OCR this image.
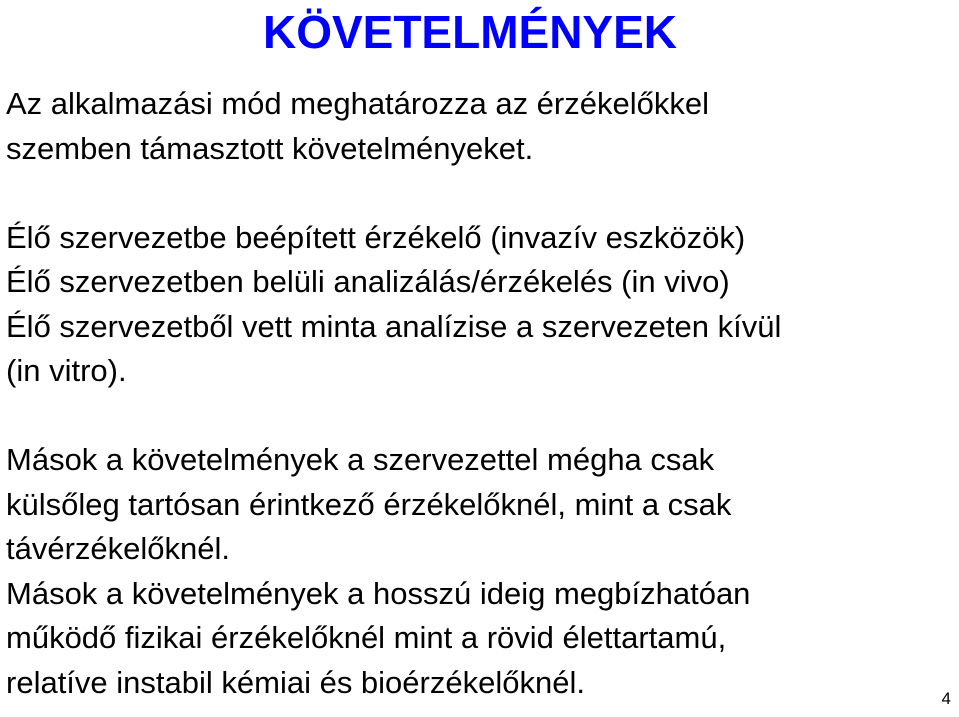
KÖVETELMÉNYEK

Az alkalmazási mód meghatározza az érzékelőkkel
szemben támasztott követelményeket.

Élő szervezetbe beépített érzékelő (invazív eszközök)
Élő szervezetben belüli analizálás/érzékelés (in vivo)
Élő szervezetből vett minta analízise a szervezeten kívül
(in vitro).

Mások a követelmények a szervezettel mégha csak
külsőleg tartósan érintkező érzékelőknél, mint a csak
távérzékelőknél.

Mások a követelmények a hosszú ideig megbízhatóan
működő fizikai érzékelőknél mint a rövid élettartamú,
relatíve instabil kémiai és bioérzékelőknél.	4
